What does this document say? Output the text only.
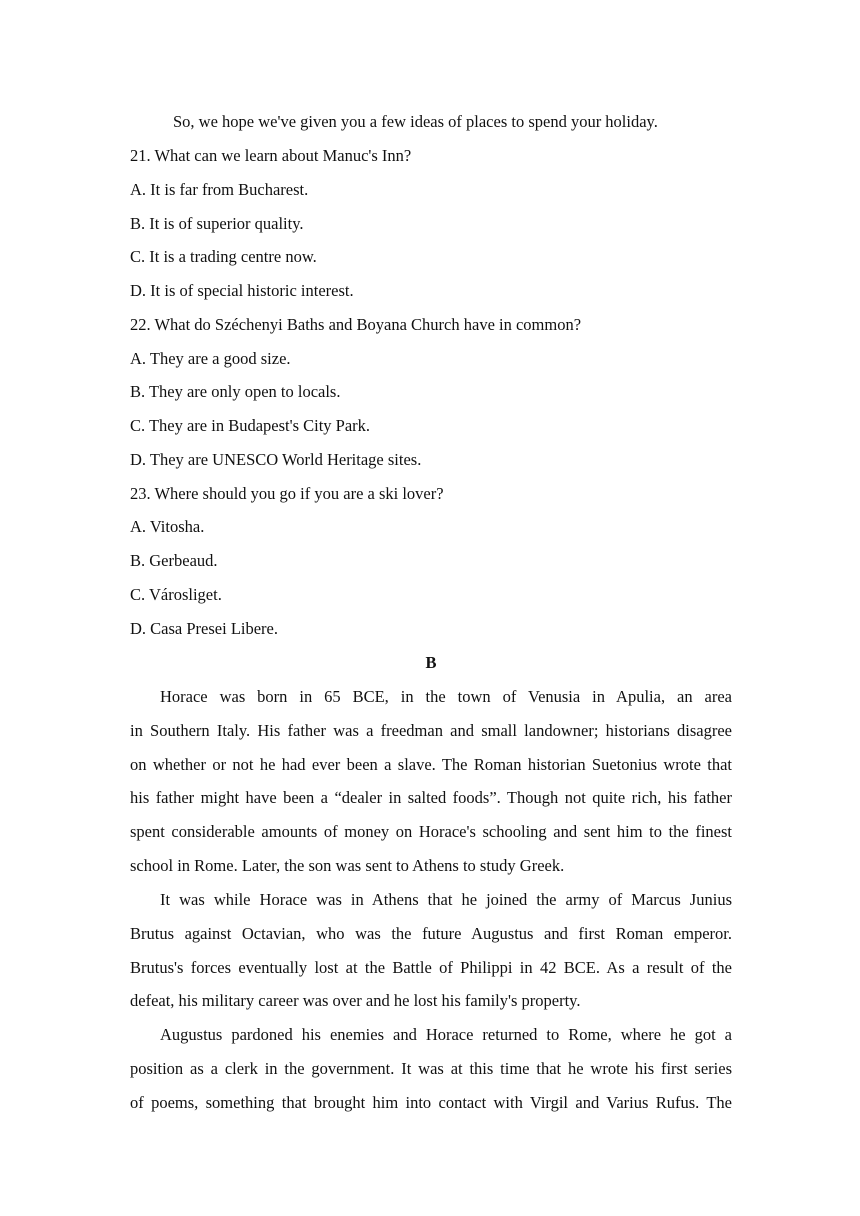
So, we hope we've given you a few ideas of places to spend your holiday.
21. What can we learn about Manuc's Inn?
A. It is far from Bucharest.
B. It is of superior quality.
C. It is a trading centre now.
D. It is of special historic interest.
22. What do Széchenyi Baths and Boyana Church have in common?
A. They are a good size.
B. They are only open to locals.
C. They are in Budapest's City Park.
D. They are UNESCO World Heritage sites.
23. Where should you go if you are a ski lover?
A. Vitosha.
B. Gerbeaud.
C. Városliget.
D. Casa Presei Libere.
B
Horace was born in 65 BCE, in the town of Venusia in Apulia, an area
in Southern Italy. His father was a freedman and small landowner; historians disagree
on whether or not he had ever been a slave. The Roman historian Suetonius wrote that
his father might have been a “dealer in salted foods”. Though not quite rich, his father
spent considerable amounts of money on Horace's schooling and sent him to the finest
school in Rome. Later, the son was sent to Athens to study Greek.
It was while Horace was in Athens that he joined the army of Marcus Junius
Brutus against Octavian, who was the future Augustus and first Roman emperor.
Brutus's forces eventually lost at the Battle of Philippi in 42 BCE. As a result of the
defeat, his military career was over and he lost his family's property.
Augustus pardoned his enemies and Horace returned to Rome, where he got a
position as a clerk in the government. It was at this time that he wrote his first series
of poems, something that brought him into contact with Virgil and Varius Rufus. The
